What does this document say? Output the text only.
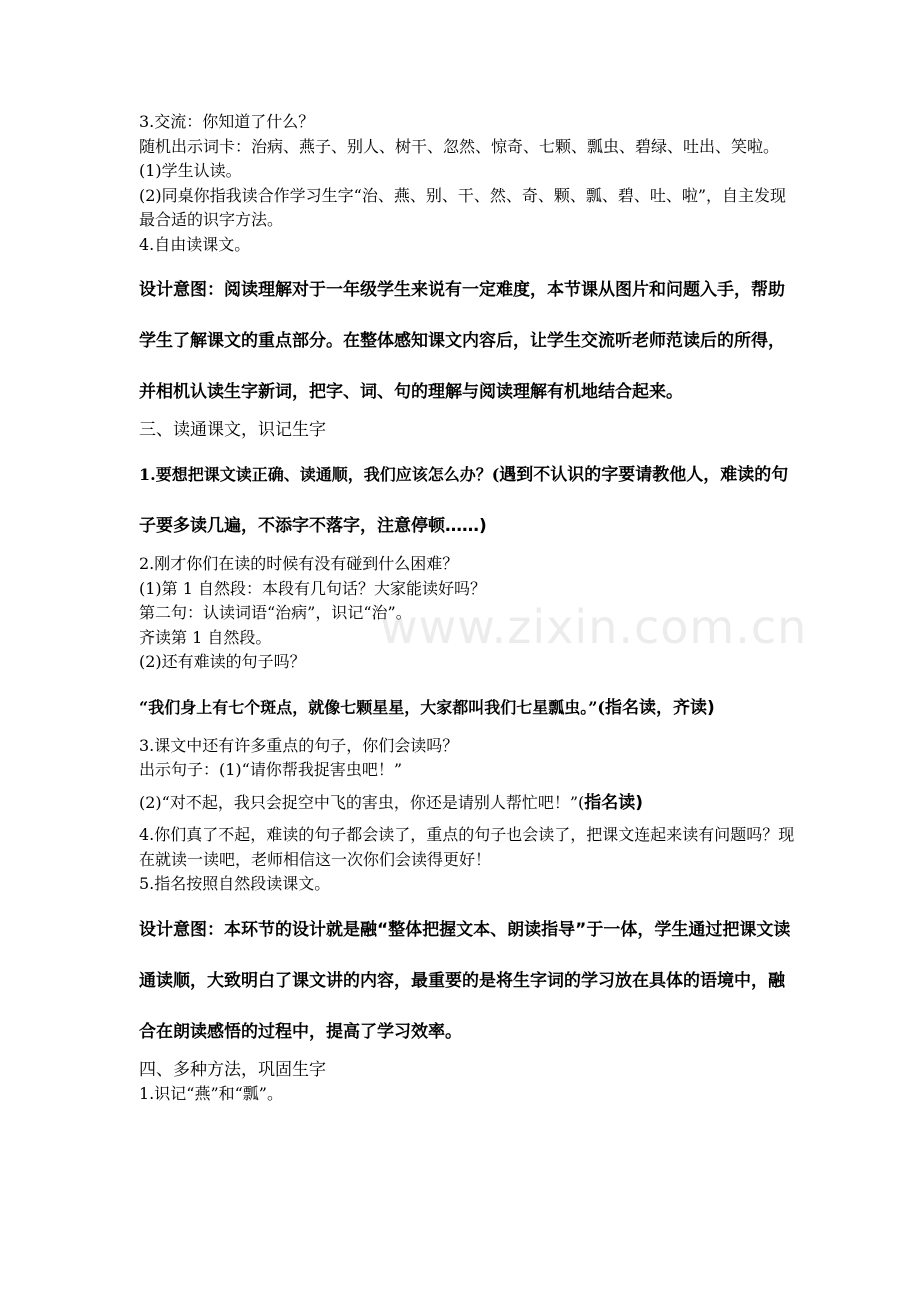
3.交流：你知道了什么？

随机出示词卡：治病、燕子、别人、树干、忽然、惊奇、七颗、瓢虫、碧绿、吐出、笑啦。

(1)学生认读。

(2)同桌你指我读合作学习生字“治、燕、别、干、然、奇、颗、瓢、碧、吐、啦”，自主发现最合适的识字方法。

4.自由读课文。

设计意图：阅读理解对于一年级学生来说有一定难度，本节课从图片和问题入手，帮助学生了解课文的重点部分。在整体感知课文内容后，让学生交流听老师范读后的所得，并相机认读生字新词，把字、词、句的理解与阅读理解有机地结合起来。

三、读通课文，识记生字

1.要想把课文读正确、读通顺，我们应该怎么办？(遇到不认识的字要请教他人，难读的句子要多读几遍，不添字不落字，注意停顿……)

2.刚才你们在读的时候有没有碰到什么困难？

(1)第 1 自然段：本段有几句话？大家能读好吗？

第二句：认读词语“治病”，识记“治”。

齐读第 1 自然段。

(2)还有难读的句子吗？

“我们身上有七个斑点，就像七颗星星，大家都叫我们七星瓢虫。”(指名读，齐读)

3.课文中还有许多重点的句子，你们会读吗？

出示句子：(1)“请你帮我捉害虫吧！”

(2)“对不起，我只会捉空中飞的害虫，你还是请别人帮忙吧！”(指名读)

4.你们真了不起，难读的句子都会读了，重点的句子也会读了，把课文连起来读有问题吗？现在就读一读吧，老师相信这一次你们会读得更好！

5.指名按照自然段读课文。

设计意图：本环节的设计就是融“整体把握文本、朗读指导”于一体，学生通过把课文读通读顺，大致明白了课文讲的内容，最重要的是将生字词的学习放在具体的语境中，融合在朗读感悟的过程中，提高了学习效率。

四、多种方法，巩固生字

1.识记“燕”和“瓢”。

www.zixin.com.cn
